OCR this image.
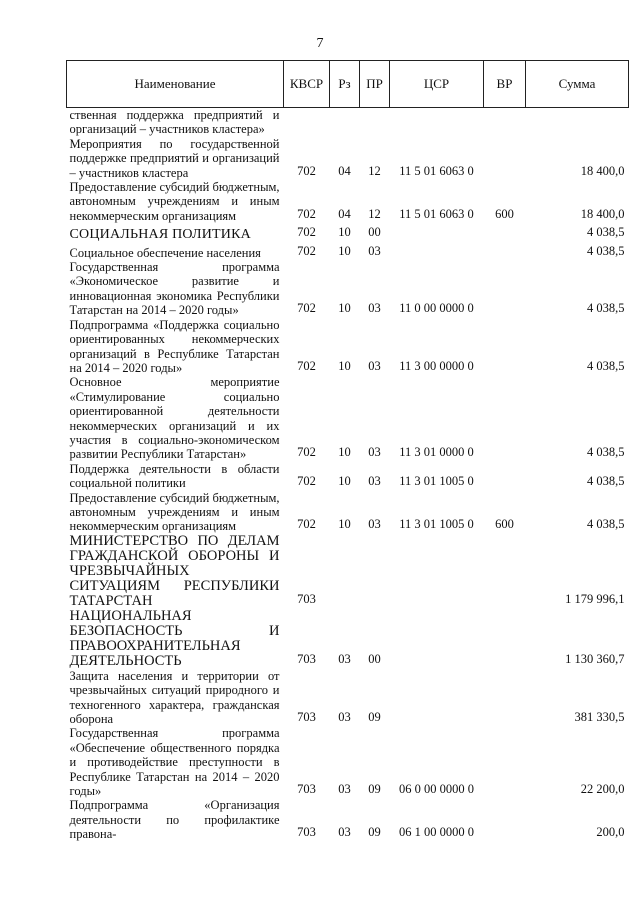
7
Наименование	КВСР	Рз	ПР	ЦСР	ВР	Сумма
ственная поддержка предприятий и организаций – участников кластера»						
Мероприятия по государственной поддержке предприятий и организаций – участников кластера	702	04	12	11 5 01 6063 0		18 400,0
Предоставление субсидий бюджетным, автономным учреждениям и иным некоммерческим организациям	702	04	12	11 5 01 6063 0	600	18 400,0
СОЦИАЛЬНАЯ ПОЛИТИКА	702	10	00			4 038,5
Социальное обеспечение населения	702	10	03			4 038,5
Государственная программа «Экономическое развитие и инновационная экономика Республики Татарстан на 2014 – 2020 годы»	702	10	03	11 0 00 0000 0		4 038,5
Подпрограмма «Поддержка социально ориентированных некоммерческих организаций в Республике Татарстан на 2014 – 2020 годы»	702	10	03	11 3 00 0000 0		4 038,5
Основное мероприятие «Стимулирование социально ориентированной деятельности некоммерческих организаций и их участия в социально-экономическом развитии Республики Татарстан»	702	10	03	11 3 01 0000 0		4 038,5
Поддержка деятельности в области социальной политики	702	10	03	11 3 01 1005 0		4 038,5
Предоставление субсидий бюджетным, автономным учреждениям и иным некоммерческим организациям	702	10	03	11 3 01 1005 0	600	4 038,5
МИНИСТЕРСТВО ПО ДЕЛАМ ГРАЖДАНСКОЙ ОБОРОНЫ И ЧРЕЗВЫЧАЙНЫХ СИТУАЦИЯМ РЕСПУБЛИКИ ТАТАРСТАН	703					1 179 996,1
НАЦИОНАЛЬНАЯ БЕЗОПАСНОСТЬ И ПРАВООХРАНИТЕЛЬНАЯ ДЕЯТЕЛЬНОСТЬ	703	03	00			1 130 360,7
Защита населения и территории от чрезвычайных ситуаций природного и техногенного характера, гражданская оборона	703	03	09			381 330,5
Государственная программа «Обеспечение общественного порядка и противодействие преступности в Республике Татарстан на 2014 – 2020 годы»	703	03	09	06 0 00 0000 0		22 200,0
Подпрограмма «Организация деятельности по профилактике правона-	703	03	09	06 1 00 0000 0		200,0
